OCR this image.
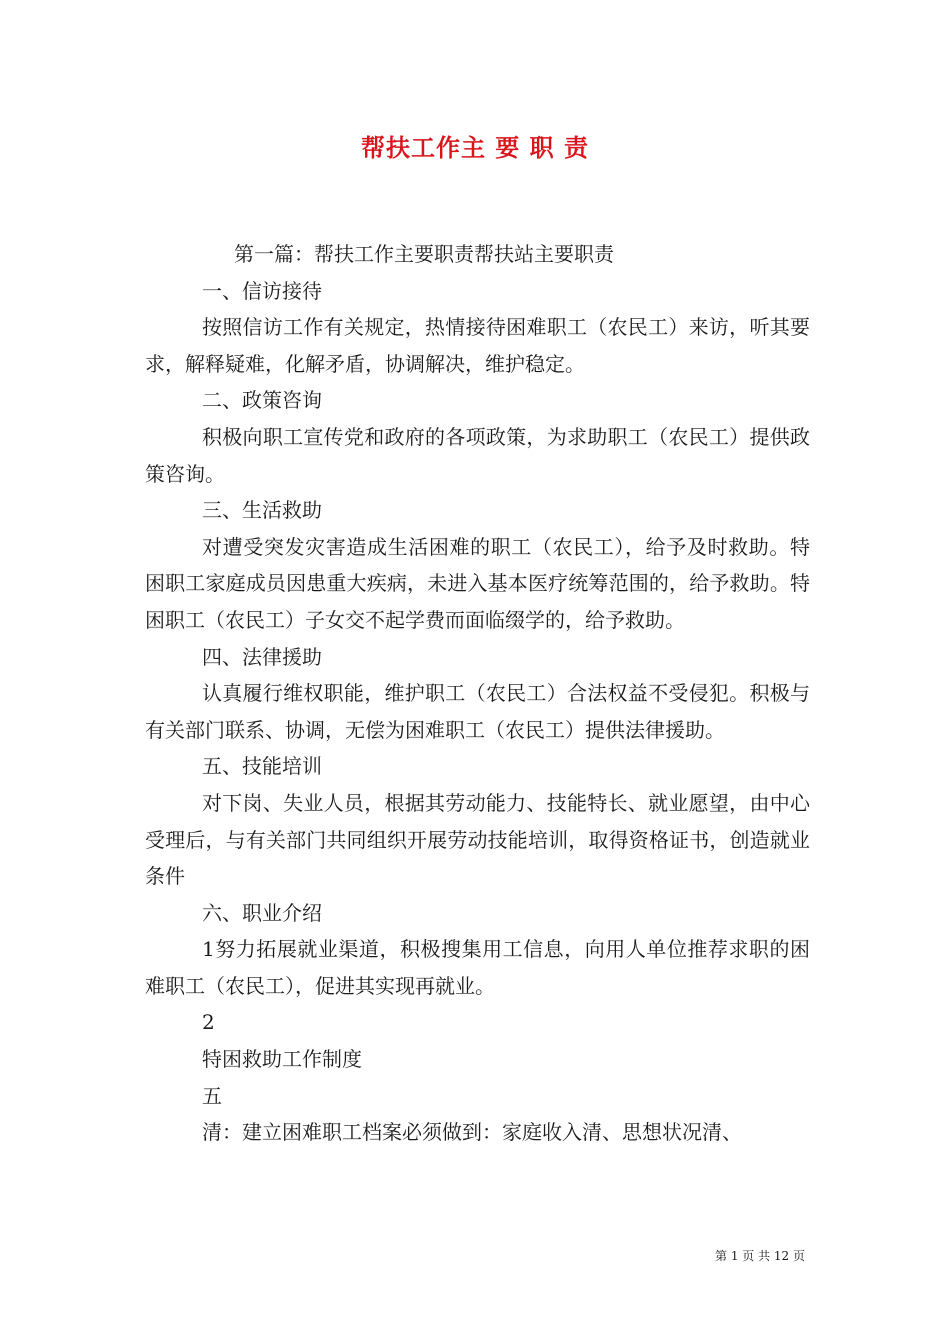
帮扶工作主 要 职 责

第一篇：帮扶工作主要职责帮扶站主要职责

一、信访接待

按照信访工作有关规定，热情接待困难职工（农民工）来访，听其要求，解释疑难，化解矛盾，协调解决，维护稳定。

二、政策咨询

积极向职工宣传党和政府的各项政策，为求助职工（农民工）提供政策咨询。

三、生活救助

对遭受突发灾害造成生活困难的职工（农民工），给予及时救助。特困职工家庭成员因患重大疾病，未进入基本医疗统筹范围的，给予救助。特困职工（农民工）子女交不起学费而面临缀学的，给予救助。

四、法律援助

认真履行维权职能，维护职工（农民工）合法权益不受侵犯。积极与有关部门联系、协调，无偿为困难职工（农民工）提供法律援助。

五、技能培训

对下岗、失业人员，根据其劳动能力、技能特长、就业愿望，由中心受理后，与有关部门共同组织开展劳动技能培训，取得资格证书，创造就业条件

六、职业介绍

1努力拓展就业渠道，积极搜集用工信息，向用人单位推荐求职的困难职工（农民工），促进其实现再就业。

2

特困救助工作制度

五

清：建立困难职工档案必须做到：家庭收入清、思想状况清、

第 1 页 共 12 页
